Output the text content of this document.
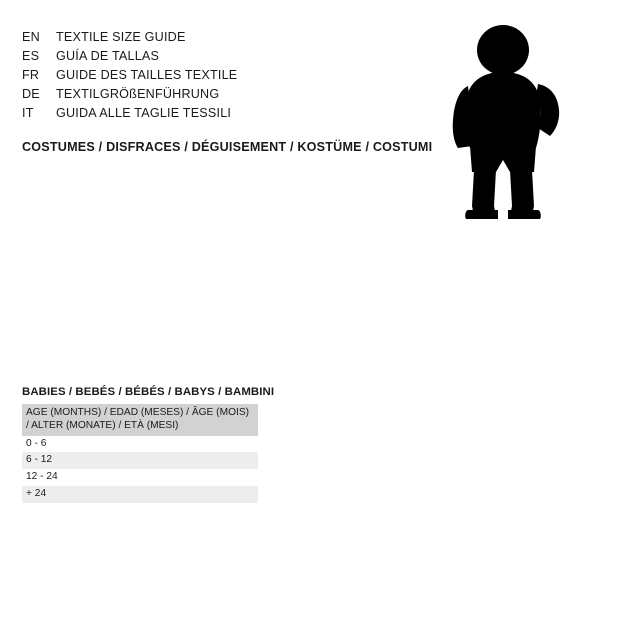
EN	TEXTILE SIZE GUIDE
ES	GUÍA DE TALLAS
FR	GUIDE DES TAILLES TEXTILE
DE	TEXTILGRÖßENFÜHRUNG
IT	GUIDA ALLE TAGLIE TESSILI
COSTUMES / DISFRACES / DÉGUISEMENT / KOSTÜME / COSTUMI
BABIES / BEBÉS / BÉBÉS / BABYS / BAMBINI
AGE (MONTHS) / EDAD (MESES) / ÂGE (MOIS) / ALTER (MONATE) / ETÀ (MESI)
0 - 6
6 - 12
12 - 24
+ 24
